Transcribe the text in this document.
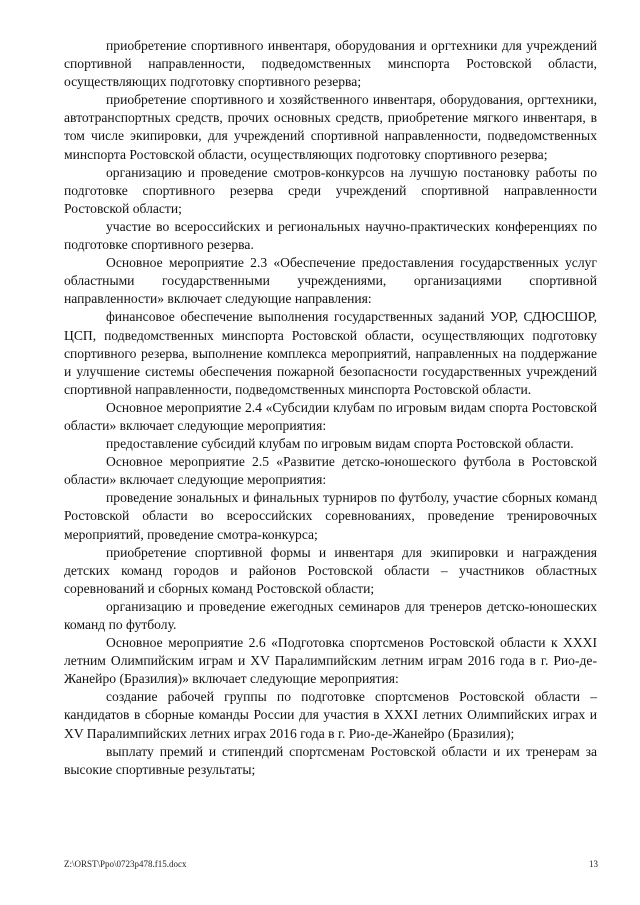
приобретение спортивного инвентаря, оборудования и оргтехники для учреждений спортивной направленности, подведомственных минспорта Ростовской области, осуществляющих подготовку спортивного резерва;

приобретение спортивного и хозяйственного инвентаря, оборудования, оргтехники, автотранспортных средств, прочих основных средств, приобретение мягкого инвентаря, в том числе экипировки, для учреждений спортивной направленности, подведомственных минспорта Ростовской области, осуществляющих подготовку спортивного резерва;

организацию и проведение смотров-конкурсов на лучшую постановку работы по подготовке спортивного резерва среди учреждений спортивной направленности Ростовской области;

участие во всероссийских и региональных научно-практических конференциях по подготовке спортивного резерва.

Основное мероприятие 2.3 «Обеспечение предоставления государственных услуг областными государственными учреждениями, организациями спортивной направленности» включает следующие направления:

финансовое обеспечение выполнения государственных заданий УОР, СДЮСШОР, ЦСП, подведомственных минспорта Ростовской области, осуществляющих подготовку спортивного резерва, выполнение комплекса мероприятий, направленных на поддержание и улучшение системы обеспечения пожарной безопасности государственных учреждений спортивной направленности, подведомственных минспорта Ростовской области.

Основное мероприятие 2.4 «Субсидии клубам по игровым видам спорта Ростовской области» включает следующие мероприятия:

предоставление субсидий клубам по игровым видам спорта Ростовской области.

Основное мероприятие 2.5 «Развитие детско-юношеского футбола в Ростовской области» включает следующие мероприятия:

проведение зональных и финальных турниров по футболу, участие сборных команд Ростовской области во всероссийских соревнованиях, проведение тренировочных мероприятий, проведение смотра-конкурса;

приобретение спортивной формы и инвентаря для экипировки и награждения детских команд городов и районов Ростовской области – участников областных соревнований и сборных команд Ростовской области;

организацию и проведение ежегодных семинаров для тренеров детско-юношеских команд по футболу.

Основное мероприятие 2.6 «Подготовка спортсменов Ростовской области к XXXI летним Олимпийским играм и XV Паралимпийским летним играм 2016 года в г. Рио-де-Жанейро (Бразилия)» включает следующие мероприятия:

создание рабочей группы по подготовке спортсменов Ростовской области – кандидатов в сборные команды России для участия в XXXI летних Олимпийских играх и XV Паралимпийских летних играх 2016 года в г. Рио-де-Жанейро (Бразилия);

выплату премий и стипендий спортсменам Ростовской области и их тренерам за высокие спортивные результаты;

Z:\ORST\Ppo\0723p478.f15.docx	13
